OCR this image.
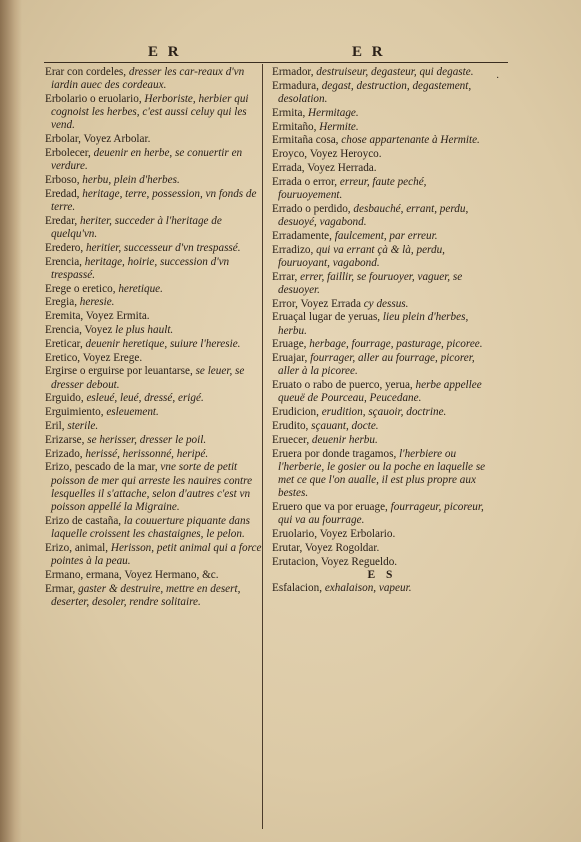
E R	E R
·
Erar con cordeles, dresser les car-reaux d'vn iardin auec des cordeaux.
Erbolario o eruolario, Herboriste, herbier qui cognoist les herbes, c'est aussi celuy qui les vend.
Erbolar, Voyez Arbolar.
Erbolecer, deuenir en herbe, se conuertir en verdure.
Erboso, herbu, plein d'herbes.
Eredad, heritage, terre, possession, vn fonds de terre.
Eredar, heriter, succeder à l'heritage de quelqu'vn.
Eredero, heritier, successeur d'vn trespassé.
Erencia, heritage, hoirie, succession d'vn trespassé.
Erege o eretico, heretique.
Eregia, heresie.
Eremita, Voyez Ermita.
Erencia, Voyez le plus hault.
Ereticar, deuenir heretique, suiure l'heresie.
Eretico, Voyez Erege.
Ergirse o erguirse por leuantarse, se leuer, se dresser debout.
Erguido, esleué, leué, dressé, erigé.
Erguimiento, esleuement.
Eril, sterile.
Erizarse, se herisser, dresser le poil.
Erizado, herissé, herissonné, heripé.
Erizo, pescado de la mar, vne sorte de petit poisson de mer qui arreste les nauires contre lesquelles il s'attache, selon d'autres c'est vn poisson appellé la Migraine.
Erizo de castaña, la couuerture piquante dans laquelle croissent les chastaignes, le pelon.
Erizo, animal, Herisson, petit animal qui a force pointes à la peau.
Ermano, ermana, Voyez Hermano, &c.
Ermar, gaster & destruire, mettre en desert, deserter, desoler, rendre solitaire.
Ermador, destruiseur, degasteur, qui degaste.
Ermadura, degast, destruction, degastement, desolation.
Ermita, Hermitage.
Ermitaño, Hermite.
Ermitaña cosa, chose appartenante à Hermite.
Eroyco, Voyez Heroyco.
Errada, Voyez Herrada.
Errada o error, erreur, faute peché, fouruoyement.
Errado o perdido, desbauché, errant, perdu, desuoyé, vagabond.
Erradamente, faulcement, par erreur.
Erradizo, qui va errant çà & là, perdu, fouruoyant, vagabond.
Errar, errer, faillir, se fouruoyer, vaguer, se desuoyer.
Error, Voyez Errada cy dessus.
Eruaçal lugar de yeruas, lieu plein d'herbes, herbu.
Eruage, herbage, fourrage, pasturage, picoree.
Eruajar, fourrager, aller au fourrage, picorer, aller à la picoree.
Eruato o rabo de puerco, yerua, herbe appellee queuë de Pourceau, Peucedane.
Erudicion, erudition, sçauoir, doctrine.
Erudito, sçauant, docte.
Eruecer, deuenir herbu.
Eruera por donde tragamos, l'herbiere ou l'herberie, le gosier ou la poche en laquelle se met ce que l'on aualle, il est plus propre aux bestes.
Eruero que va por eruage, fourrageur, picoreur, qui va au fourrage.
Eruolario, Voyez Erbolario.
Erutar, Voyez Rogoldar.
Erutacion, Voyez Regueldo.
E S
Esfalacion, exhalaison, vapeur.
